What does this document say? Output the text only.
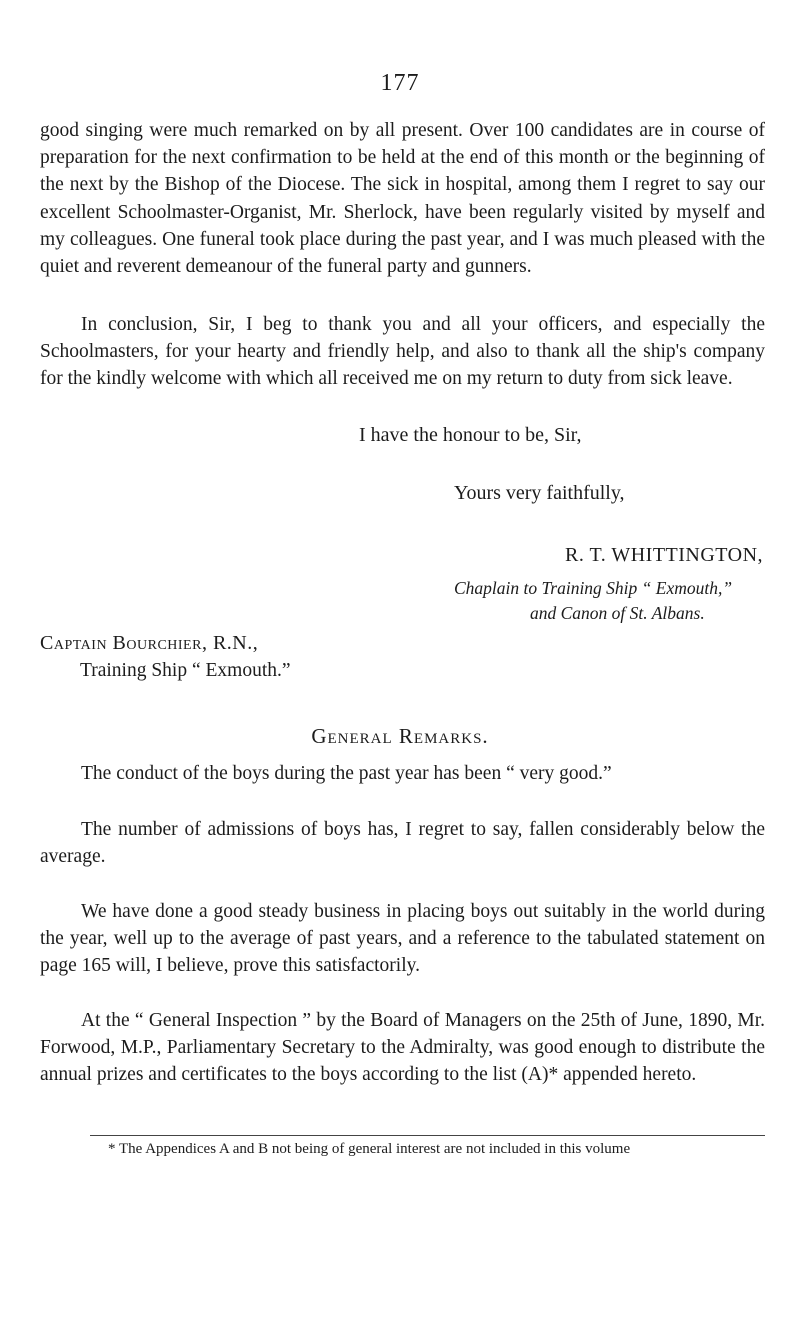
177

good singing were much remarked on by all present. Over 100 candidates are in course of preparation for the next confirmation to be held at the end of this month or the beginning of the next by the Bishop of the Diocese. The sick in hospital, among them I regret to say our excellent Schoolmaster-Organist, Mr. Sherlock, have been regularly visited by myself and my colleagues. One funeral took place during the past year, and I was much pleased with the quiet and reverent demeanour of the funeral party and gunners.

In conclusion, Sir, I beg to thank you and all your officers, and especially the Schoolmasters, for your hearty and friendly help, and also to thank all the ship's company for the kindly welcome with which all received me on my return to duty from sick leave.

I have the honour to be, Sir,
Yours very faithfully,
R. T. WHITTINGTON,
Chaplain to Training Ship “ Exmouth,”
and Canon of St. Albans.
Captain Bourchier, R.N.,
Training Ship “ Exmouth.”
General Remarks.

The conduct of the boys during the past year has been “ very good.”

The number of admissions of boys has, I regret to say, fallen considerably below the average.

We have done a good steady business in placing boys out suitably in the world during the year, well up to the average of past years, and a reference to the tabulated statement on page 165 will, I believe, prove this satisfactorily.

At the “ General Inspection ” by the Board of Managers on the 25th of June, 1890, Mr. Forwood, M.P., Parliamentary Secretary to the Admiralty, was good enough to distribute the annual prizes and certificates to the boys according to the list (A)* appended hereto.

* The Appendices A and B not being of general interest are not included in this volume
